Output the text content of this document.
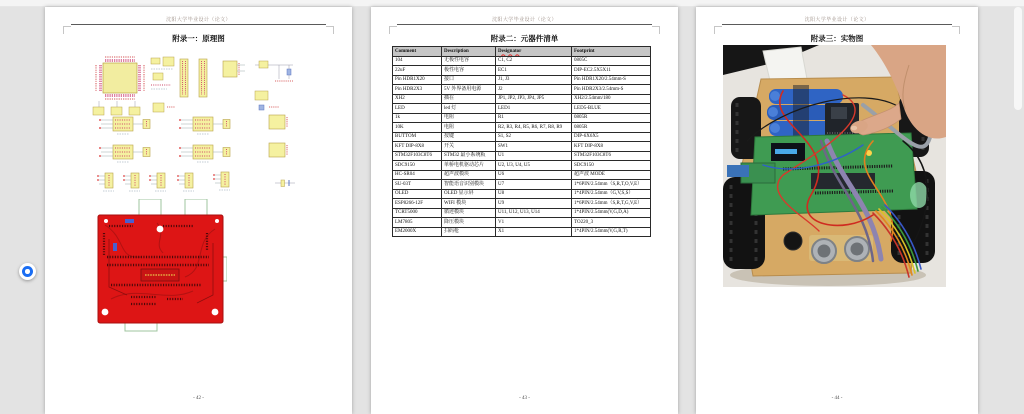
沈阳大学毕业设计（论文）
附录一：原理图
- 42 -
沈阳大学毕业设计（论文）
附录二：元器件清单
Comment	Description	Designator	Footprint
104	无极性电容	C1, C2	0805C
22uF	极性电容	EC1	DIP-EC2.5X5X11
Pin HDR1X20	接口	J1, J3	Pin HDR1X20/2.54mm-S
Pin HDR2X3	5V 外界备用电源	J2	Pin HDR2X3/2.54mm-S
XH2	插在	JP1, JP2, JP3, JP4, JP5	XH2/2.54mm/180
LED	led 灯	LED1	LED5-BLUE
1k	电阻	R1	0805R
10K	电阻	R2, R3, R4, R5, R6, R7, R8, R9	0805R
BUTTOM	按键	S1, S2	DIP-6X6X5
KFT DIP-8X8	开关	SW1	KFT DIP-8X8
STM32F103C8T6	STM32 最小系统板	U1	STM32F103C8T6
SDC9150	单桥电机驱动芯片	U2, U3, U4, U5	SDC9150
HC-SR04	超声波模块	U6	超声波 MODE
SU-03T	智能语音识别模块	U7	1*6PIN/2.54mm（S,R,T,O,V,E）
OLED	OLED 显示屏	U8	1*4PIN/2.54mm（G,V,S,S）
ESP8266-12F	WIFI 模块	U9	1*6PIN/2.54mm（S,R,T,G,V,E）
TCRT5000	循迹模块	U11, U12, U13, U14	1*4PIN/2.54mm(V,G,D,A)
LM7805	降压模块	V1	TO220_3
EM2000X	扫码枪	X1	1*4PIN/2.54mm(V,G,R,T)
- 43 -
沈阳大学毕业设计（论文）
附录三：实物图
- 44 -
